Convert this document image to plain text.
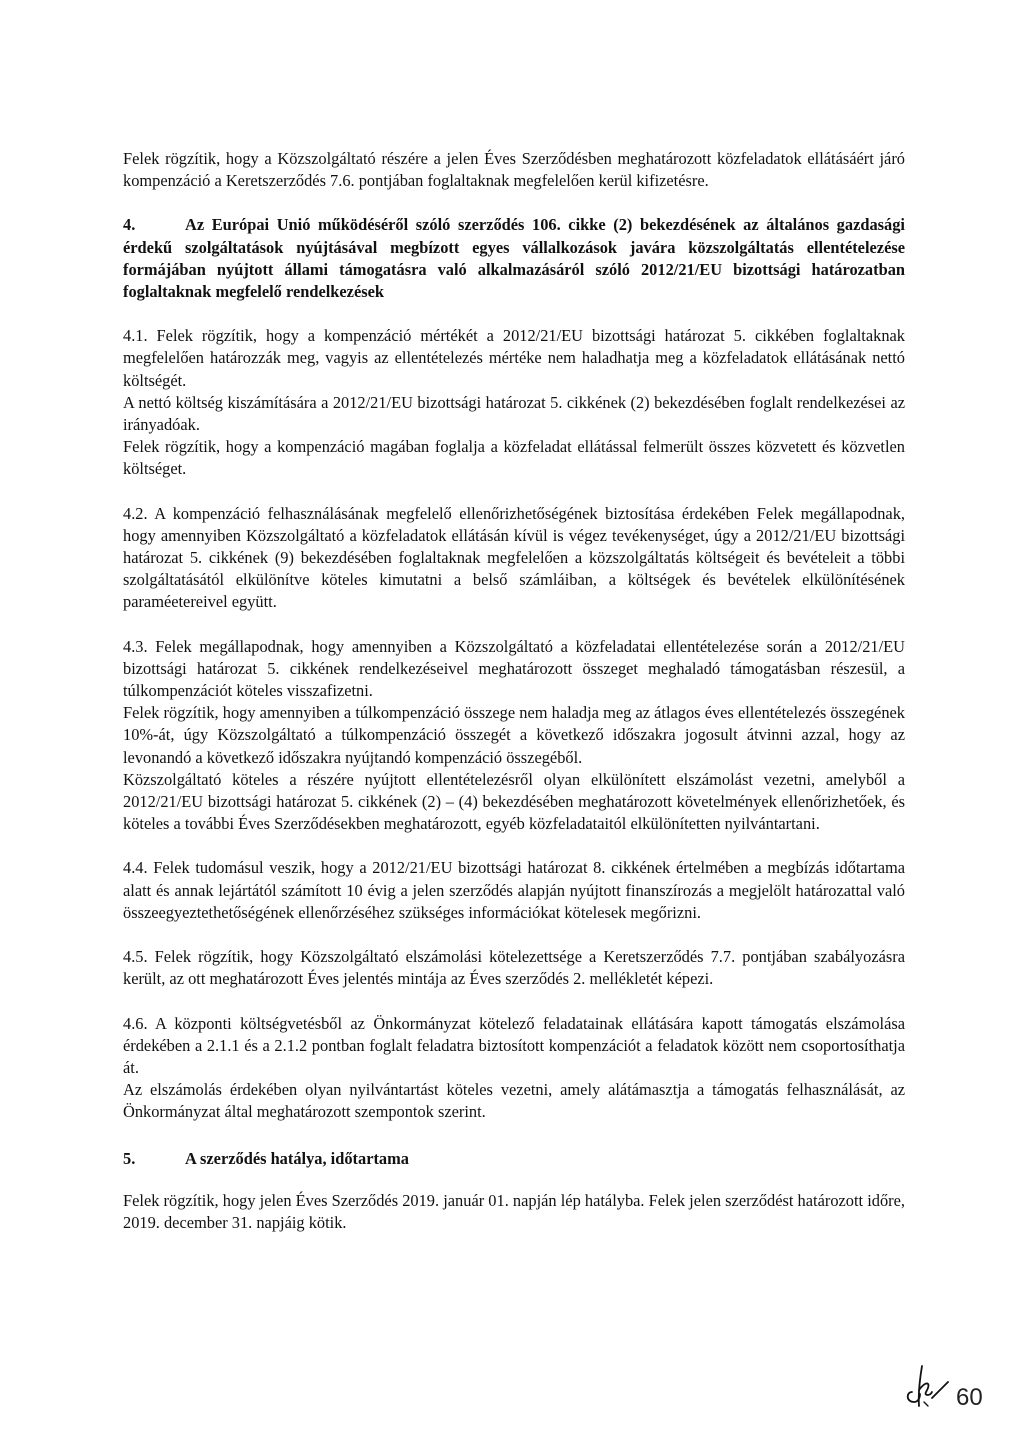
Felek rögzítik, hogy a Közszolgáltató részére a jelen Éves Szerződésben meghatározott közfeladatok ellátásáért járó kompenzáció a Keretszerződés 7.6. pontjában foglaltaknak megfelelően kerül kifizetésre.

4.	Az Európai Unió működéséről szóló szerződés 106. cikke (2) bekezdésének az általános gazdasági érdekű szolgáltatások nyújtásával megbízott egyes vállalkozások javára közszolgáltatás ellentételezése formájában nyújtott állami támogatásra való alkalmazásáról szóló 2012/21/EU bizottsági határozatban foglaltaknak megfelelő rendelkezések

4.1. Felek rögzítik, hogy a kompenzáció mértékét a 2012/21/EU bizottsági határozat 5. cikkében foglaltaknak megfelelően határozzák meg, vagyis az ellentételezés mértéke nem haladhatja meg a közfeladatok ellátásának nettó költségét.

A nettó költség kiszámítására a 2012/21/EU bizottsági határozat 5. cikkének (2) bekezdésében foglalt rendelkezései az irányadóak.

Felek rögzítik, hogy a kompenzáció magában foglalja a közfeladat ellátással felmerült összes közvetett és közvetlen költséget.

4.2. A kompenzáció felhasználásának megfelelő ellenőrizhetőségének biztosítása érdekében Felek megállapodnak, hogy amennyiben Közszolgáltató a közfeladatok ellátásán kívül is végez tevékenységet, úgy a 2012/21/EU bizottsági határozat 5. cikkének (9) bekezdésében foglaltaknak megfelelően a közszolgáltatás költségeit és bevételeit a többi szolgáltatásától elkülönítve köteles kimutatni a belső számláiban, a költségek és bevételek elkülönítésének paraméetereivel együtt.

4.3. Felek megállapodnak, hogy amennyiben a Közszolgáltató a közfeladatai ellentételezése során a 2012/21/EU bizottsági határozat 5. cikkének rendelkezéseivel meghatározott összeget meghaladó támogatásban részesül, a túlkompenzációt köteles visszafizetni.

Felek rögzítik, hogy amennyiben a túlkompenzáció összege nem haladja meg az átlagos éves ellentételezés összegének 10%-át, úgy Közszolgáltató a túlkompenzáció összegét a következő időszakra jogosult átvinni azzal, hogy az levonandó a következő időszakra nyújtandó kompenzáció összegéből.

Közszolgáltató köteles a részére nyújtott ellentételezésről olyan elkülönített elszámolást vezetni, amelyből a 2012/21/EU bizottsági határozat 5. cikkének (2) – (4) bekezdésében meghatározott követelmények ellenőrizhetőek, és köteles a további Éves Szerződésekben meghatározott, egyéb közfeladataitól elkülönítetten nyilvántartani.

4.4. Felek tudomásul veszik, hogy a 2012/21/EU bizottsági határozat 8. cikkének értelmében a megbízás időtartama alatt és annak lejártától számított 10 évig a jelen szerződés alapján nyújtott finanszírozás a megjelölt határozattal való összeegyeztethetőségének ellenőrzéséhez szükséges információkat kötelesek megőrizni.

4.5. Felek rögzítik, hogy Közszolgáltató elszámolási kötelezettsége a Keretszerződés 7.7. pontjában szabályozásra került, az ott meghatározott Éves jelentés mintája az Éves szerződés 2. mellékletét képezi.

4.6. A központi költségvetésből az Önkormányzat kötelező feladatainak ellátására kapott támogatás elszámolása érdekében a 2.1.1 és a 2.1.2 pontban foglalt feladatra biztosított kompenzációt a feladatok között nem csoportosíthatja át.

Az elszámolás érdekében olyan nyilvántartást köteles vezetni, amely alátámasztja a támogatás felhasználását, az Önkormányzat által meghatározott szempontok szerint.

5.	A szerződés hatálya, időtartama

Felek rögzítik, hogy jelen Éves Szerződés 2019. január 01. napján lép hatályba. Felek jelen szerződést határozott időre, 2019. december 31. napjáig kötik.

60
